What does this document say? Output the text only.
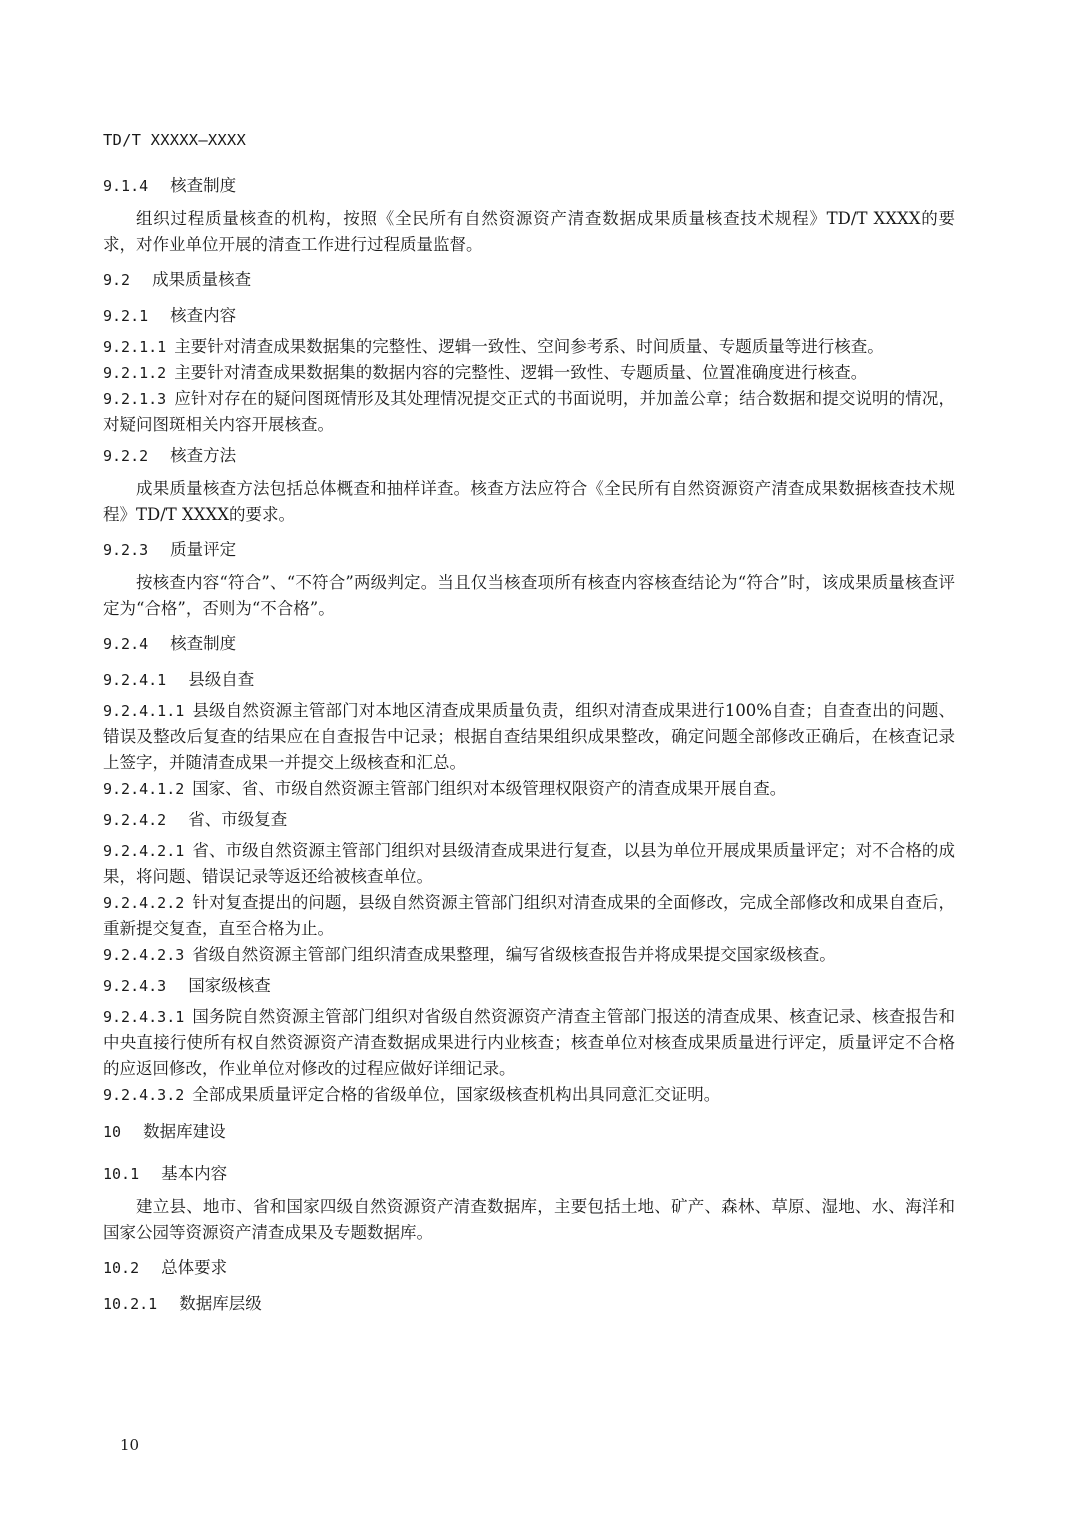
TD/T XXXXX—XXXX
9.1.4 核查制度

组织过程质量核查的机构，按照《全民所有自然资源资产清查数据成果质量核查技术规程》TD/T XXXX的要求，对作业单位开展的清查工作进行过程质量监督。

9.2 成果质量核查
9.2.1 核查内容

9.2.1.1 主要针对清查成果数据集的完整性、逻辑一致性、空间参考系、时间质量、专题质量等进行核查。

9.2.1.2 主要针对清查成果数据集的数据内容的完整性、逻辑一致性、专题质量、位置准确度进行核查。

9.2.1.3 应针对存在的疑问图斑情形及其处理情况提交正式的书面说明，并加盖公章；结合数据和提交说明的情况，对疑问图斑相关内容开展核查。

9.2.2 核查方法

成果质量核查方法包括总体概查和抽样详查。核查方法应符合《全民所有自然资源资产清查成果数据核查技术规程》TD/T XXXX的要求。

9.2.3 质量评定

按核查内容“符合”、“不符合”两级判定。当且仅当核查项所有核查内容核查结论为“符合”时，该成果质量核查评定为“合格”，否则为“不合格”。

9.2.4 核查制度
9.2.4.1 县级自查

9.2.4.1.1 县级自然资源主管部门对本地区清查成果质量负责，组织对清查成果进行100%自查；自查查出的问题、错误及整改后复查的结果应在自查报告中记录；根据自查结果组织成果整改，确定问题全部修改正确后，在核查记录上签字，并随清查成果一并提交上级核查和汇总。

9.2.4.1.2 国家、省、市级自然资源主管部门组织对本级管理权限资产的清查成果开展自查。

9.2.4.2 省、市级复查

9.2.4.2.1 省、市级自然资源主管部门组织对县级清查成果进行复查，以县为单位开展成果质量评定；对不合格的成果，将问题、错误记录等返还给被核查单位。

9.2.4.2.2 针对复查提出的问题，县级自然资源主管部门组织对清查成果的全面修改，完成全部修改和成果自查后，重新提交复查，直至合格为止。

9.2.4.2.3 省级自然资源主管部门组织清查成果整理，编写省级核查报告并将成果提交国家级核查。

9.2.4.3 国家级核查

9.2.4.3.1 国务院自然资源主管部门组织对省级自然资源资产清查主管部门报送的清查成果、核查记录、核查报告和中央直接行使所有权自然资源资产清查数据成果进行内业核查；核查单位对核查成果质量进行评定，质量评定不合格的应返回修改，作业单位对修改的过程应做好详细记录。

9.2.4.3.2 全部成果质量评定合格的省级单位，国家级核查机构出具同意汇交证明。

10 数据库建设
10.1 基本内容

建立县、地市、省和国家四级自然资源资产清查数据库，主要包括土地、矿产、森林、草原、湿地、水、海洋和国家公园等资源资产清查成果及专题数据库。

10.2 总体要求
10.2.1 数据库层级
10
